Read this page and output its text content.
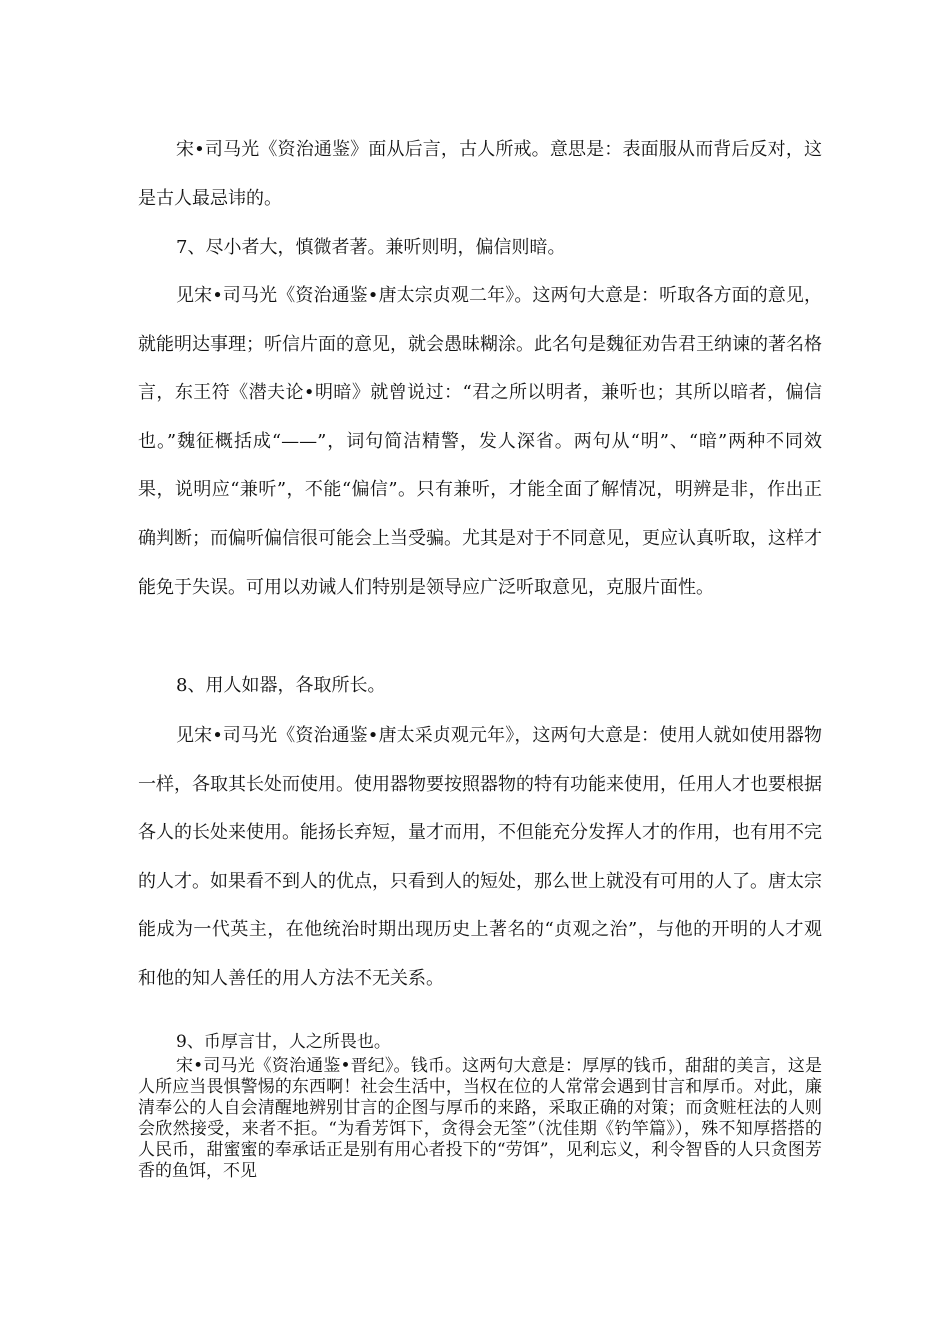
宋•司马光《资治通鉴》面从后言，古人所戒。意思是：表面服从而背后反对，这是古人最忌讳的。

7、尽小者大，慎微者著。兼听则明，偏信则暗。

见宋•司马光《资治通鉴•唐太宗贞观二年》。这两句大意是：听取各方面的意见，就能明达事理；听信片面的意见，就会愚昧糊涂。此名句是魏征劝告君王纳谏的著名格言，东王符《潜夫论•明暗》就曾说过：“君之所以明者，兼听也；其所以暗者，偏信也。”魏征概括成“——”，词句简洁精警，发人深省。两句从“明”、“暗”两种不同效果，说明应“兼听”，不能“偏信”。只有兼听，才能全面了解情况，明辨是非，作出正确判断；而偏听偏信很可能会上当受骗。尤其是对于不同意见，更应认真听取，这样才能免于失误。可用以劝诫人们特别是领导应广泛听取意见，克服片面性。

8、用人如器，各取所长。

见宋•司马光《资治通鉴•唐太采贞观元年》，这两句大意是：使用人就如使用器物一样，各取其长处而使用。使用器物要按照器物的特有功能来使用，任用人才也要根据各人的长处来使用。能扬长弃短，量才而用，不但能充分发挥人才的作用，也有用不完的人才。如果看不到人的优点，只看到人的短处，那么世上就没有可用的人了。唐太宗能成为一代英主，在他统治时期出现历史上著名的“贞观之治”，与他的开明的人才观和他的知人善任的用人方法不无关系。

9、币厚言甘，人之所畏也。

宋•司马光《资治通鉴•晋纪》。钱币。这两句大意是：厚厚的钱币，甜甜的美言，这是人所应当畏惧警惕的东西啊！社会生活中，当权在位的人常常会遇到甘言和厚币。对此，廉清奉公的人自会清醒地辨别甘言的企图与厚币的来路，采取正确的对策；而贪赃枉法的人则会欣然接受，来者不拒。“为看芳饵下，贪得会无筌”（沈佳期《钓竿篇》），殊不知厚搭搭的人民币，甜蜜蜜的奉承话正是别有用心者投下的“劳饵”，见利忘义，利令智昏的人只贪图芳香的鱼饵，不见
